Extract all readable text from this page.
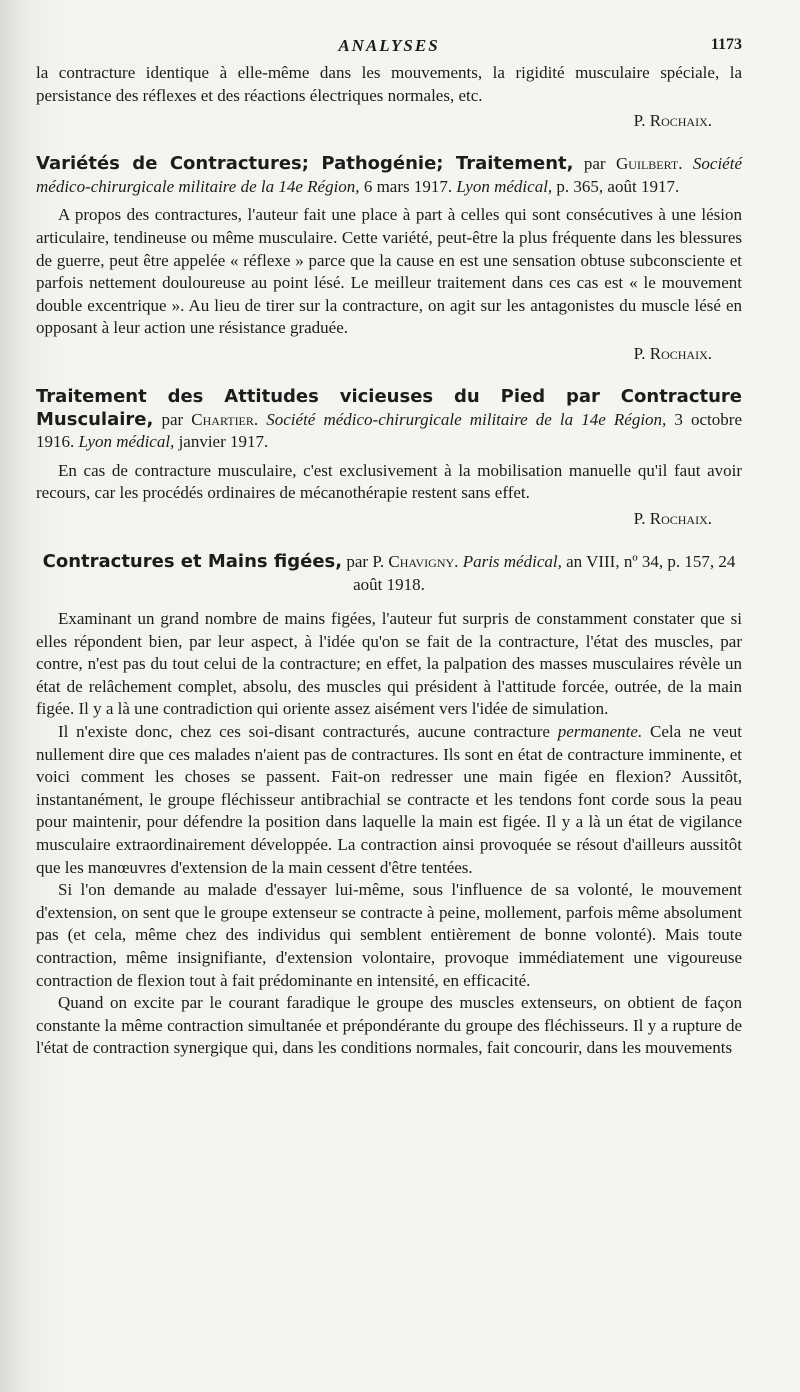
ANALYSES	1173

la contracture identique à elle-même dans les mouvements, la rigidité musculaire spéciale, la persistance des réflexes et des réactions électriques normales, etc.

P. Rochaix.

Variétés de Contractures; Pathogénie; Traitement, par Guilbert. Société médico-chirurgicale militaire de la 14e Région, 6 mars 1917. Lyon médical, p. 365, août 1917.

A propos des contractures, l'auteur fait une place à part à celles qui sont consécutives à une lésion articulaire, tendineuse ou même musculaire. Cette variété, peut-être la plus fréquente dans les blessures de guerre, peut être appelée « réflexe » parce que la cause en est une sensation obtuse subconsciente et parfois nettement douloureuse au point lésé. Le meilleur traitement dans ces cas est « le mouvement double excentrique ». Au lieu de tirer sur la contracture, on agit sur les antagonistes du muscle lésé en opposant à leur action une résistance graduée.

P. Rochaix.

Traitement des Attitudes vicieuses du Pied par Contracture Musculaire, par Chartier. Société médico-chirurgicale militaire de la 14e Région, 3 octobre 1916. Lyon médical, janvier 1917.

En cas de contracture musculaire, c'est exclusivement à la mobilisation manuelle qu'il faut avoir recours, car les procédés ordinaires de mécanothérapie restent sans effet.

P. Rochaix.

Contractures et Mains figées, par P. Chavigny. Paris médical, an VIII, nº 34, p. 157, 24 août 1918.

Examinant un grand nombre de mains figées, l'auteur fut surpris de constamment constater que si elles répondent bien, par leur aspect, à l'idée qu'on se fait de la contracture, l'état des muscles, par contre, n'est pas du tout celui de la contracture; en effet, la palpation des masses musculaires révèle un état de relâchement complet, absolu, des muscles qui président à l'attitude forcée, outrée, de la main figée. Il y a là une contradiction qui oriente assez aisément vers l'idée de simulation.

Il n'existe donc, chez ces soi-disant contracturés, aucune contracture permanente. Cela ne veut nullement dire que ces malades n'aient pas de contractures. Ils sont en état de contracture imminente, et voici comment les choses se passent. Fait-on redresser une main figée en flexion? Aussitôt, instantanément, le groupe fléchisseur antibrachial se contracte et les tendons font corde sous la peau pour maintenir, pour défendre la position dans laquelle la main est figée. Il y a là un état de vigilance musculaire extraordinairement développée. La contraction ainsi provoquée se résout d'ailleurs aussitôt que les manœuvres d'extension de la main cessent d'être tentées.

Si l'on demande au malade d'essayer lui-même, sous l'influence de sa volonté, le mouvement d'extension, on sent que le groupe extenseur se contracte à peine, mollement, parfois même absolument pas (et cela, même chez des individus qui semblent entièrement de bonne volonté). Mais toute contraction, même insignifiante, d'extension volontaire, provoque immédiatement une vigoureuse contraction de flexion tout à fait prédominante en intensité, en efficacité.

Quand on excite par le courant faradique le groupe des muscles extenseurs, on obtient de façon constante la même contraction simultanée et prépondérante du groupe des fléchisseurs. Il y a rupture de l'état de contraction synergique qui, dans les conditions normales, fait concourir, dans les mouvements
